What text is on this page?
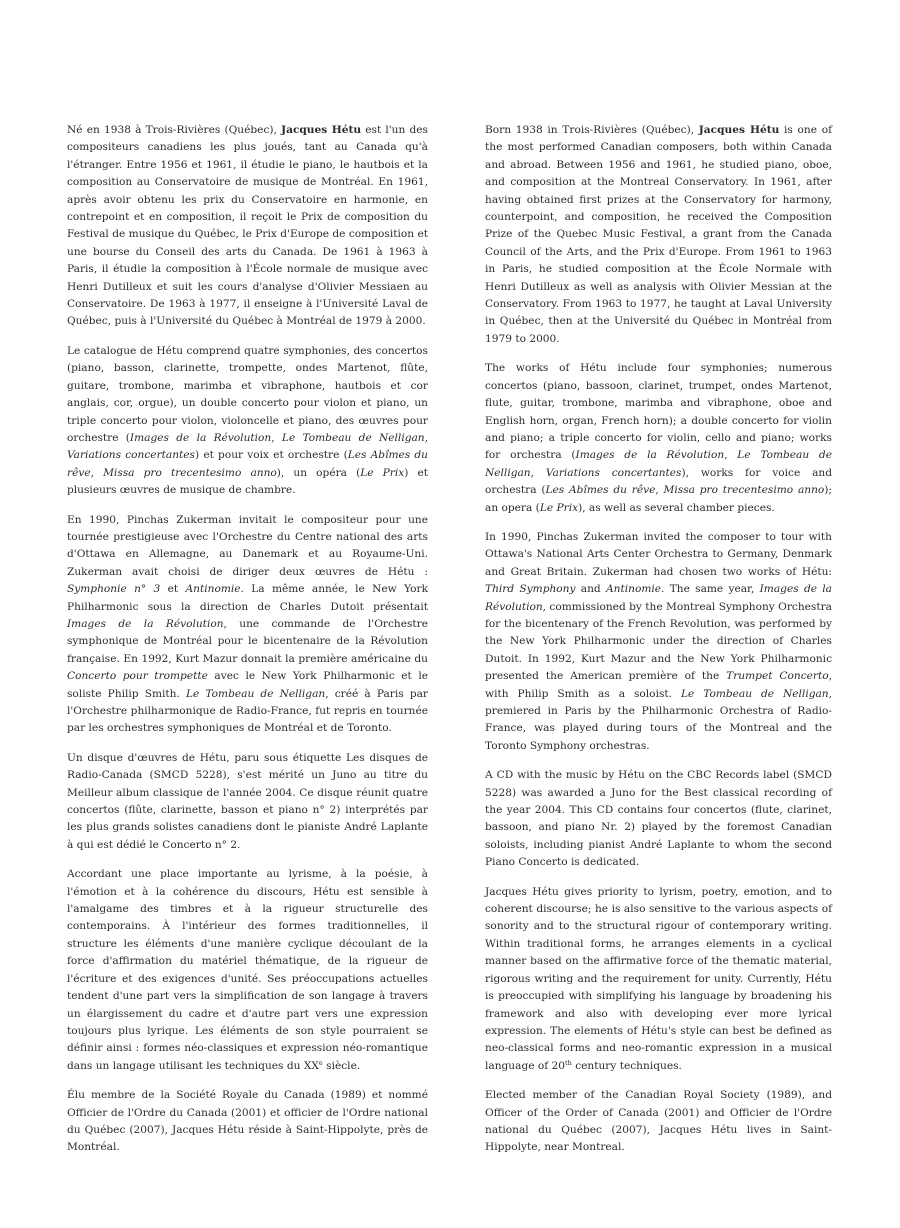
Né en 1938 à Trois-Rivières (Québec), Jacques Hétu est l'un des compositeurs canadiens les plus joués, tant au Canada qu'à l'étranger. Entre 1956 et 1961, il étudie le piano, le hautbois et la composition au Conservatoire de musique de Montréal. En 1961, après avoir obtenu les prix du Conservatoire en harmonie, en contrepoint et en composition, il reçoit le Prix de composition du Festival de musique du Québec, le Prix d'Europe de composition et une bourse du Conseil des arts du Canada. De 1961 à 1963 à Paris, il étudie la composition à l'École normale de musique avec Henri Dutilleux et suit les cours d'analyse d'Olivier Messiaen au Conservatoire. De 1963 à 1977, il enseigne à l'Université Laval de Québec, puis à l'Université du Québec à Montréal de 1979 à 2000.

Le catalogue de Hétu comprend quatre symphonies, des concertos (piano, basson, clarinette, trompette, ondes Martenot, flûte, guitare, trombone, marimba et vibraphone, hautbois et cor anglais, cor, orgue), un double concerto pour violon et piano, un triple concerto pour violon, violoncelle et piano, des œuvres pour orchestre (Images de la Révolution, Le Tombeau de Nelligan, Variations concertantes) et pour voix et orchestre (Les Abîmes du rêve, Missa pro trecentesimo anno), un opéra (Le Prix) et plusieurs œuvres de musique de chambre.

En 1990, Pinchas Zukerman invitait le compositeur pour une tournée prestigieuse avec l'Orchestre du Centre national des arts d'Ottawa en Allemagne, au Danemark et au Royaume-Uni. Zukerman avait choisi de diriger deux œuvres de Hétu : Symphonie n° 3 et Antinomie. La même année, le New York Philharmonic sous la direction de Charles Dutoit présentait Images de la Révolution, une commande de l'Orchestre symphonique de Montréal pour le bicentenaire de la Révolution française. En 1992, Kurt Mazur donnait la première américaine du Concerto pour trompette avec le New York Philharmonic et le soliste Philip Smith. Le Tombeau de Nelligan, créé à Paris par l'Orchestre philharmonique de Radio-France, fut repris en tournée par les orchestres symphoniques de Montréal et de Toronto.

Un disque d'œuvres de Hétu, paru sous étiquette Les disques de Radio-Canada (SMCD 5228), s'est mérité un Juno au titre du Meilleur album classique de l'année 2004. Ce disque réunit quatre concertos (flûte, clarinette, basson et piano n° 2) interprétés par les plus grands solistes canadiens dont le pianiste André Laplante à qui est dédié le Concerto n° 2.

Accordant une place importante au lyrisme, à la poésie, à l'émotion et à la cohérence du discours, Hétu est sensible à l'amalgame des timbres et à la rigueur structurelle des contemporains. À l'intérieur des formes traditionnelles, il structure les éléments d'une manière cyclique découlant de la force d'affirmation du matériel thématique, de la rigueur de l'écriture et des exigences d'unité. Ses préoccupations actuelles tendent d'une part vers la simplification de son langage à travers un élargissement du cadre et d'autre part vers une expression toujours plus lyrique. Les éléments de son style pourraient se définir ainsi : formes néo-classiques et expression néo-romantique dans un langage utilisant les techniques du XXe siècle.

Élu membre de la Société Royale du Canada (1989) et nommé Officier de l'Ordre du Canada (2001) et officier de l'Ordre national du Québec (2007), Jacques Hétu réside à Saint-Hippolyte, près de Montréal.

Born 1938 in Trois-Rivières (Québec), Jacques Hétu is one of the most performed Canadian composers, both within Canada and abroad. Between 1956 and 1961, he studied piano, oboe, and composition at the Montreal Conservatory. In 1961, after having obtained first prizes at the Conservatory for harmony, counterpoint, and composition, he received the Composition Prize of the Quebec Music Festival, a grant from the Canada Council of the Arts, and the Prix d'Europe. From 1961 to 1963 in Paris, he studied composition at the École Normale with Henri Dutilleux as well as analysis with Olivier Messian at the Conservatory. From 1963 to 1977, he taught at Laval University in Québec, then at the Université du Québec in Montréal from 1979 to 2000.

The works of Hétu include four symphonies; numerous concertos (piano, bassoon, clarinet, trumpet, ondes Martenot, flute, guitar, trombone, marimba and vibraphone, oboe and English horn, organ, French horn); a double concerto for violin and piano; a triple concerto for violin, cello and piano; works for orchestra (Images de la Révolution, Le Tombeau de Nelligan, Variations concertantes), works for voice and orchestra (Les Abîmes du rêve, Missa pro trecentesimo anno); an opera (Le Prix), as well as several chamber pieces.

In 1990, Pinchas Zukerman invited the composer to tour with Ottawa's National Arts Center Orchestra to Germany, Denmark and Great Britain. Zukerman had chosen two works of Hétu: Third Symphony and Antinomie. The same year, Images de la Révolution, commissioned by the Montreal Symphony Orchestra for the bicentenary of the French Revolution, was performed by the New York Philharmonic under the direction of Charles Dutoit. In 1992, Kurt Mazur and the New York Philharmonic presented the American première of the Trumpet Concerto, with Philip Smith as a soloist. Le Tombeau de Nelligan, premiered in Paris by the Philharmonic Orchestra of Radio-France, was played during tours of the Montreal and the Toronto Symphony orchestras.

A CD with the music by Hétu on the CBC Records label (SMCD 5228) was awarded a Juno for the Best classical recording of the year 2004. This CD contains four concertos (flute, clarinet, bassoon, and piano Nr. 2) played by the foremost Canadian soloists, including pianist André Laplante to whom the second Piano Concerto is dedicated.

Jacques Hétu gives priority to lyrism, poetry, emotion, and to coherent discourse; he is also sensitive to the various aspects of sonority and to the structural rigour of contemporary writing. Within traditional forms, he arranges elements in a cyclical manner based on the affirmative force of the thematic material, rigorous writing and the requirement for unity. Currently, Hétu is preoccupied with simplifying his language by broadening his framework and also with developing ever more lyrical expression. The elements of Hétu's style can best be defined as neo-classical forms and neo-romantic expression in a musical language of 20th century techniques.

Elected member of the Canadian Royal Society (1989), and Officer of the Order of Canada (2001) and Officier de l'Ordre national du Québec (2007), Jacques Hétu lives in Saint-Hippolyte, near Montreal.
